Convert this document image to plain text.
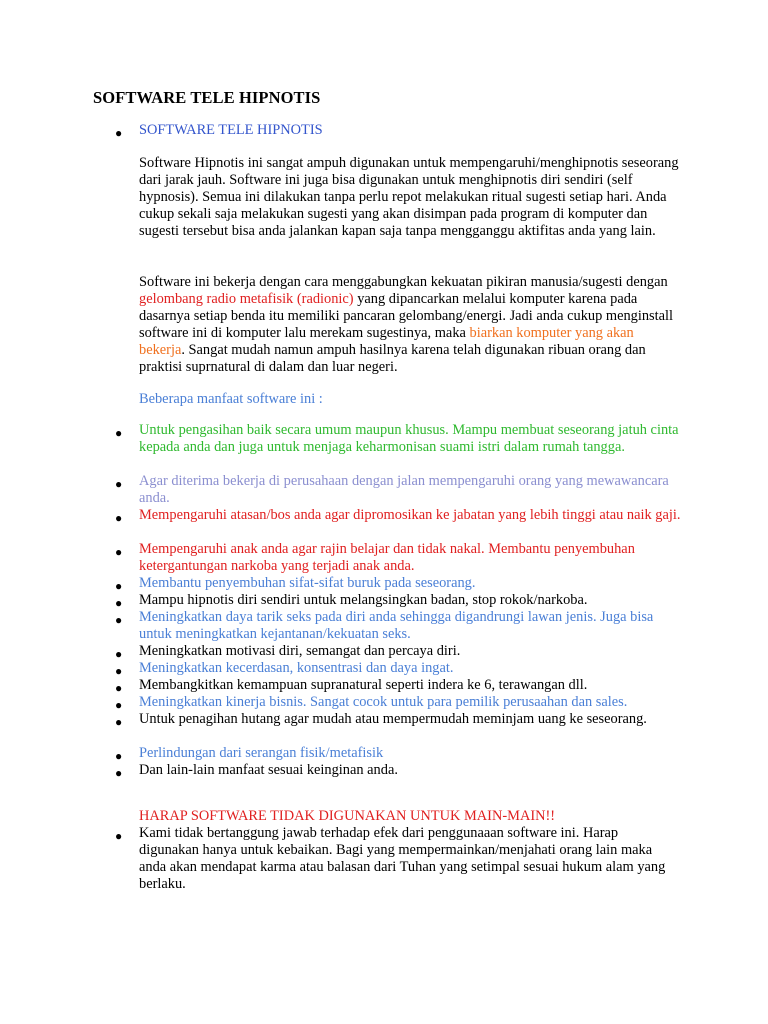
SOFTWARE TELE HIPNOTIS
● SOFTWARE TELE HIPNOTIS

Software Hipnotis ini sangat ampuh digunakan untuk mempengaruhi/menghipnotis seseorang dari jarak jauh. Software ini juga bisa digunakan untuk menghipnotis diri sendiri (self hypnosis). Semua ini dilakukan tanpa perlu repot melakukan ritual sugesti setiap hari. Anda cukup sekali saja melakukan sugesti yang akan disimpan pada program di komputer dan sugesti tersebut bisa anda jalankan kapan saja tanpa mengganggu aktifitas anda yang lain.

Software ini bekerja dengan cara menggabungkan kekuatan pikiran manusia/sugesti dengan gelombang radio metafisik (radionic) yang dipancarkan melalui komputer karena pada dasarnya setiap benda itu memiliki pancaran gelombang/energi. Jadi anda cukup menginstall software ini di komputer lalu merekam sugestinya, maka biarkan komputer yang akan bekerja. Sangat mudah namun ampuh hasilnya karena telah digunakan ribuan orang dan praktisi suprnatural di dalam dan luar negeri.

Beberapa manfaat software ini :

● Untuk pengasihan baik secara umum maupun khusus. Mampu membuat seseorang jatuh cinta kepada anda dan juga untuk menjaga keharmonisan suami istri dalam rumah tangga.
● Agar diterima bekerja di perusahaan dengan jalan mempengaruhi orang yang mewawancara anda.
● Mempengaruhi atasan/bos anda agar dipromosikan ke jabatan yang lebih tinggi atau naik gaji.
● Mempengaruhi anak anda agar rajin belajar dan tidak nakal. Membantu penyembuhan ketergantungan narkoba yang terjadi anak anda.
● Membantu penyembuhan sifat-sifat buruk pada seseorang.
● Mampu hipnotis diri sendiri untuk melangsingkan badan, stop rokok/narkoba.
● Meningkatkan daya tarik seks pada diri anda sehingga digandrungi lawan jenis. Juga bisa untuk meningkatkan kejantanan/kekuatan seks.
● Meningkatkan motivasi diri, semangat dan percaya diri.
● Meningkatkan kecerdasan, konsentrasi dan daya ingat.
● Membangkitkan kemampuan supranatural seperti indera ke 6, terawangan dll.
● Meningkatkan kinerja bisnis. Sangat cocok untuk para pemilik perusaahan dan sales.
● Untuk penagihan hutang agar mudah atau mempermudah meminjam uang ke seseorang.
● Perlindungan dari serangan fisik/metafisik
● Dan lain-lain manfaat sesuai keinginan anda.

HARAP SOFTWARE TIDAK DIGUNAKAN UNTUK MAIN-MAIN!!

● Kami tidak bertanggung jawab terhadap efek dari penggunaaan software ini. Harap digunakan hanya untuk kebaikan. Bagi yang mempermainkan/menjahati orang lain maka anda akan mendapat karma atau balasan dari Tuhan yang setimpal sesuai hukum alam yang berlaku.
